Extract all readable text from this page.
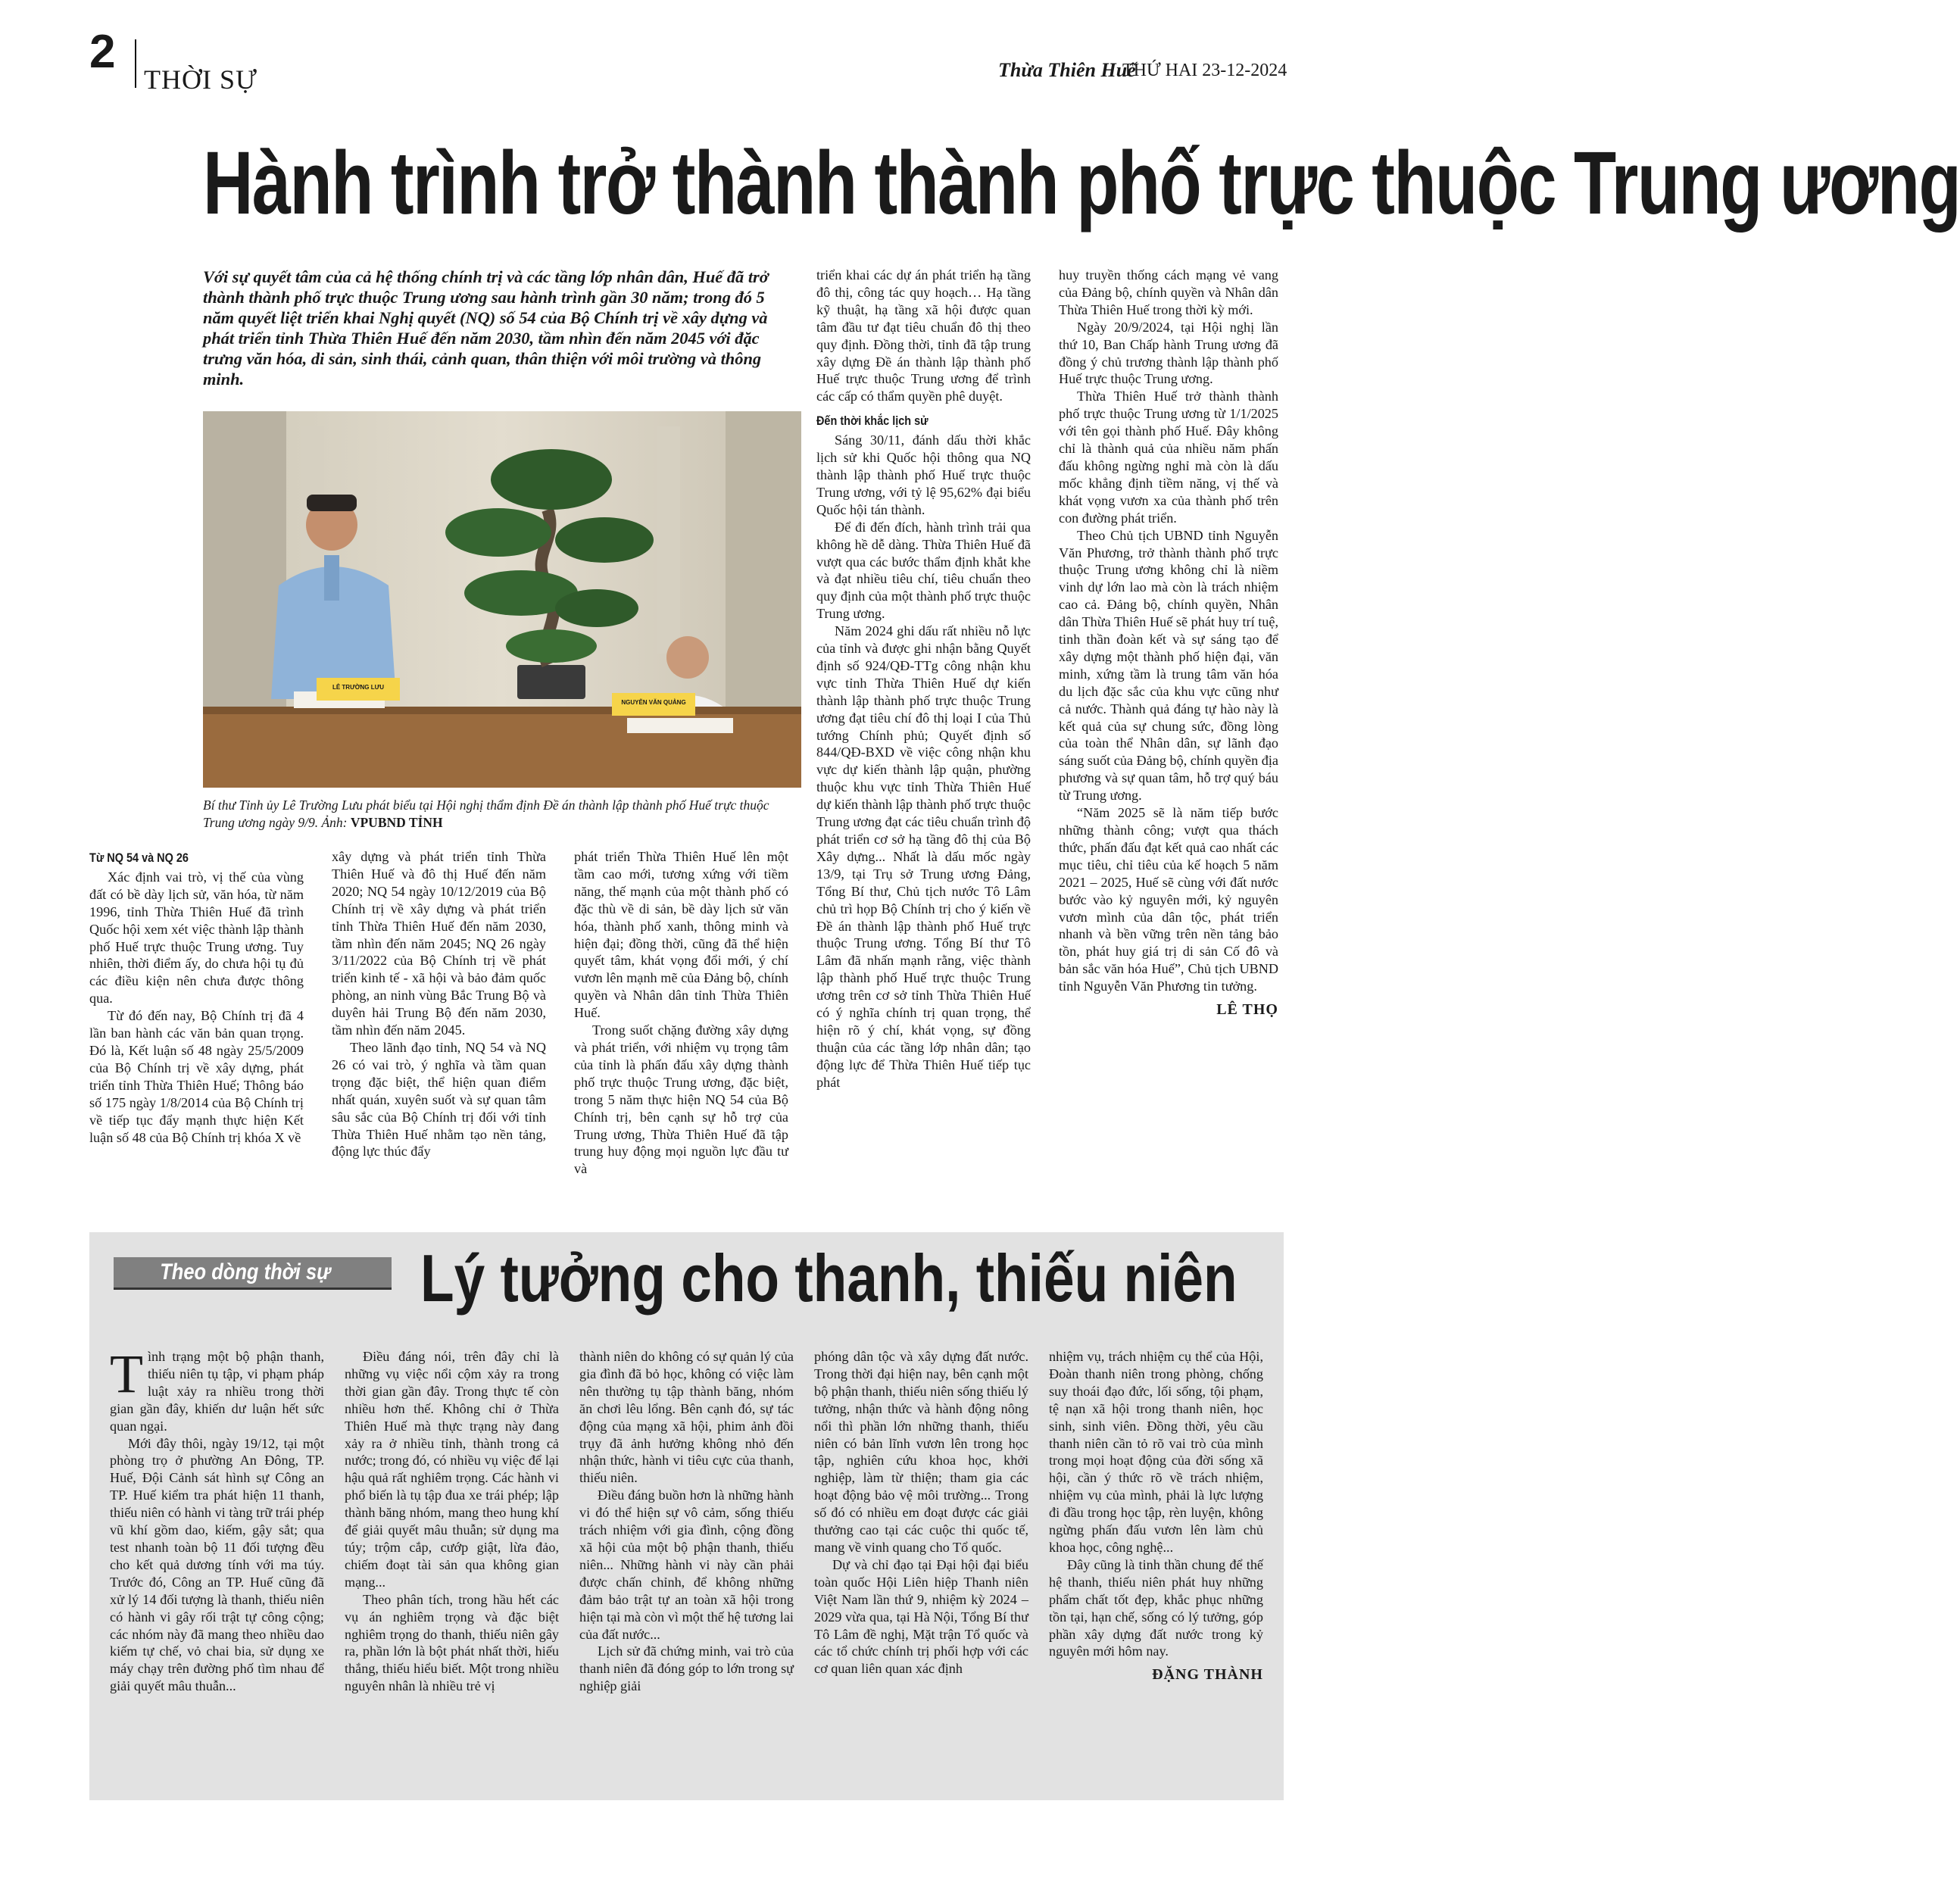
2
THỜI SỰ	Thừa Thiên Huế
THỨ HAI 23-12-2024
Hành trình trở thành thành phố trực thuộc Trung ương
Với sự quyết tâm của cả hệ thống chính trị và các tầng lớp nhân dân, Huế đã trở thành thành phố trực thuộc Trung ương sau hành trình gần 30 năm; trong đó 5 năm quyết liệt triển khai Nghị quyết (NQ) số 54 của Bộ Chính trị về xây dựng và phát triển tỉnh Thừa Thiên Huế đến năm 2030, tầm nhìn đến năm 2045 với đặc trưng văn hóa, di sản, sinh thái, cảnh quan, thân thiện với môi trường và thông minh.
LÊ TRƯỜNG LƯU
NGUYỄN VĂN QUẢNG
Bí thư Tỉnh ủy Lê Trường Lưu phát biểu tại Hội nghị thẩm định Đề án thành lập thành phố Huế trực thuộc Trung ương ngày 9/9. Ảnh: VPUBND TỈNH
Từ NQ 54 và NQ 26

Xác định vai trò, vị thế của vùng đất có bề dày lịch sử, văn hóa, từ năm 1996, tỉnh Thừa Thiên Huế đã trình Quốc hội xem xét việc thành lập thành phố Huế trực thuộc Trung ương. Tuy nhiên, thời điểm ấy, do chưa hội tụ đủ các điều kiện nên chưa được thông qua.

Từ đó đến nay, Bộ Chính trị đã 4 lần ban hành các văn bản quan trọng. Đó là, Kết luận số 48 ngày 25/5/2009 của Bộ Chính trị về xây dựng, phát triển tỉnh Thừa Thiên Huế; Thông báo số 175 ngày 1/8/2014 của Bộ Chính trị về tiếp tục đẩy mạnh thực hiện Kết luận số 48 của Bộ Chính trị khóa X về

xây dựng và phát triển tỉnh Thừa Thiên Huế và đô thị Huế đến năm 2020; NQ 54 ngày 10/12/2019 của Bộ Chính trị về xây dựng và phát triển tỉnh Thừa Thiên Huế đến năm 2030, tầm nhìn đến năm 2045; NQ 26 ngày 3/11/2022 của Bộ Chính trị về phát triển kinh tế - xã hội và bảo đảm quốc phòng, an ninh vùng Bắc Trung Bộ và duyên hải Trung Bộ đến năm 2030, tầm nhìn đến năm 2045.

Theo lãnh đạo tỉnh, NQ 54 và NQ 26 có vai trò, ý nghĩa và tầm quan trọng đặc biệt, thể hiện quan điểm nhất quán, xuyên suốt và sự quan tâm sâu sắc của Bộ Chính trị đối với tỉnh Thừa Thiên Huế nhằm tạo nền tảng, động lực thúc đẩy

phát triển Thừa Thiên Huế lên một tầm cao mới, tương xứng với tiềm năng, thế mạnh của một thành phố có đặc thù về di sản, bề dày lịch sử văn hóa, thành phố xanh, thông minh và hiện đại; đồng thời, cũng đã thể hiện quyết tâm, khát vọng đổi mới, ý chí vươn lên mạnh mẽ của Đảng bộ, chính quyền và Nhân dân tỉnh Thừa Thiên Huế.

Trong suốt chặng đường xây dựng và phát triển, với nhiệm vụ trọng tâm của tỉnh là phấn đấu xây dựng thành phố trực thuộc Trung ương, đặc biệt, trong 5 năm thực hiện NQ 54 của Bộ Chính trị, bên cạnh sự hỗ trợ của Trung ương, Thừa Thiên Huế đã tập trung huy động mọi nguồn lực đầu tư và

triển khai các dự án phát triển hạ tầng đô thị, công tác quy hoạch… Hạ tầng kỹ thuật, hạ tầng xã hội được quan tâm đầu tư đạt tiêu chuẩn đô thị theo quy định. Đồng thời, tỉnh đã tập trung xây dựng Đề án thành lập thành phố Huế trực thuộc Trung ương để trình các cấp có thẩm quyền phê duyệt.

Đến thời khắc lịch sử

Sáng 30/11, đánh dấu thời khắc lịch sử khi Quốc hội thông qua NQ thành lập thành phố Huế trực thuộc Trung ương, với tỷ lệ 95,62% đại biểu Quốc hội tán thành.

Để đi đến đích, hành trình trải qua không hề dễ dàng. Thừa Thiên Huế đã vượt qua các bước thẩm định khắt khe và đạt nhiều tiêu chí, tiêu chuẩn theo quy định của một thành phố trực thuộc Trung ương.

Năm 2024 ghi dấu rất nhiều nỗ lực của tỉnh và được ghi nhận bằng Quyết định số 924/QĐ-TTg công nhận khu vực tỉnh Thừa Thiên Huế dự kiến thành lập thành phố trực thuộc Trung ương đạt tiêu chí đô thị loại I của Thủ tướng Chính phủ; Quyết định số 844/QĐ-BXD về việc công nhận khu vực dự kiến thành lập quận, phường thuộc khu vực tỉnh Thừa Thiên Huế dự kiến thành lập thành phố trực thuộc Trung ương đạt các tiêu chuẩn trình độ phát triển cơ sở hạ tầng đô thị của Bộ Xây dựng... Nhất là dấu mốc ngày 13/9, tại Trụ sở Trung ương Đảng, Tổng Bí thư, Chủ tịch nước Tô Lâm chủ trì họp Bộ Chính trị cho ý kiến về Đề án thành lập thành phố Huế trực thuộc Trung ương. Tổng Bí thư Tô Lâm đã nhấn mạnh rằng, việc thành lập thành phố Huế trực thuộc Trung ương trên cơ sở tỉnh Thừa Thiên Huế có ý nghĩa chính trị quan trọng, thể hiện rõ ý chí, khát vọng, sự đồng thuận của các tầng lớp nhân dân; tạo động lực để Thừa Thiên Huế tiếp tục phát

huy truyền thống cách mạng vẻ vang của Đảng bộ, chính quyền và Nhân dân Thừa Thiên Huế trong thời kỳ mới.

Ngày 20/9/2024, tại Hội nghị lần thứ 10, Ban Chấp hành Trung ương đã đồng ý chủ trương thành lập thành phố Huế trực thuộc Trung ương.

Thừa Thiên Huế trở thành thành phố trực thuộc Trung ương từ 1/1/2025 với tên gọi thành phố Huế. Đây không chỉ là thành quả của nhiều năm phấn đấu không ngừng nghỉ mà còn là dấu mốc khẳng định tiềm năng, vị thế và khát vọng vươn xa của thành phố trên con đường phát triển.

Theo Chủ tịch UBND tỉnh Nguyễn Văn Phương, trở thành thành phố trực thuộc Trung ương không chỉ là niềm vinh dự lớn lao mà còn là trách nhiệm cao cả. Đảng bộ, chính quyền, Nhân dân Thừa Thiên Huế sẽ phát huy trí tuệ, tinh thần đoàn kết và sự sáng tạo để xây dựng một thành phố hiện đại, văn minh, xứng tầm là trung tâm văn hóa du lịch đặc sắc của khu vực cũng như cả nước. Thành quả đáng tự hào này là kết quả của sự chung sức, đồng lòng của toàn thể Nhân dân, sự lãnh đạo sáng suốt của Đảng bộ, chính quyền địa phương và sự quan tâm, hỗ trợ quý báu từ Trung ương.

“Năm 2025 sẽ là năm tiếp bước những thành công; vượt qua thách thức, phấn đấu đạt kết quả cao nhất các mục tiêu, chỉ tiêu của kế hoạch 5 năm 2021 – 2025, Huế sẽ cùng với đất nước bước vào kỷ nguyên mới, kỷ nguyên vươn mình của dân tộc, phát triển nhanh và bền vững trên nền tảng bảo tồn, phát huy giá trị di sản Cố đô và bản sắc văn hóa Huế”, Chủ tịch UBND tỉnh Nguyễn Văn Phương tin tưởng.

LÊ THỌ

Theo dòng thời sự Lý tưởng cho thanh, thiếu niên

Tình trạng một bộ phận thanh, thiếu niên tụ tập, vi phạm pháp luật xảy ra nhiều trong thời gian gần đây, khiến dư luận hết sức quan ngại.

Mới đây thôi, ngày 19/12, tại một phòng trọ ở phường An Đông, TP. Huế, Đội Cảnh sát hình sự Công an TP. Huế kiểm tra phát hiện 11 thanh, thiếu niên có hành vi tàng trữ trái phép vũ khí gồm dao, kiếm, gậy sắt; qua test nhanh toàn bộ 11 đối tượng đều cho kết quả dương tính với ma túy. Trước đó, Công an TP. Huế cũng đã xử lý 14 đối tượng là thanh, thiếu niên có hành vi gây rối trật tự công cộng; các nhóm này đã mang theo nhiều dao kiếm tự chế, vỏ chai bia, sử dụng xe máy chạy trên đường phố tìm nhau để giải quyết mâu thuẫn...

Điều đáng nói, trên đây chỉ là những vụ việc nổi cộm xảy ra trong thời gian gần đây. Trong thực tế còn nhiều hơn thế. Không chỉ ở Thừa Thiên Huế mà thực trạng này đang xảy ra ở nhiều tỉnh, thành trong cả nước; trong đó, có nhiều vụ việc để lại hậu quả rất nghiêm trọng. Các hành vi phổ biến là tụ tập đua xe trái phép; lập thành băng nhóm, mang theo hung khí để giải quyết mâu thuẫn; sử dụng ma túy; trộm cắp, cướp giật, lừa đảo, chiếm đoạt tài sản qua không gian mạng...

Theo phân tích, trong hầu hết các vụ án nghiêm trọng và đặc biệt nghiêm trọng do thanh, thiếu niên gây ra, phần lớn là bột phát nhất thời, hiếu thắng, thiếu hiểu biết. Một trong nhiều nguyên nhân là nhiều trẻ vị

thành niên do không có sự quản lý của gia đình đã bỏ học, không có việc làm nên thường tụ tập thành băng, nhóm ăn chơi lêu lổng. Bên cạnh đó, sự tác động của mạng xã hội, phim ảnh đồi trụy đã ảnh hưởng không nhỏ đến nhận thức, hành vi tiêu cực của thanh, thiếu niên.

Điều đáng buồn hơn là những hành vi đó thể hiện sự vô cảm, sống thiếu trách nhiệm với gia đình, cộng đồng xã hội của một bộ phận thanh, thiếu niên... Những hành vi này cần phải được chấn chỉnh, để không những đảm bảo trật tự an toàn xã hội trong hiện tại mà còn vì một thế hệ tương lai của đất nước...

Lịch sử đã chứng minh, vai trò của thanh niên đã đóng góp to lớn trong sự nghiệp giải

phóng dân tộc và xây dựng đất nước. Trong thời đại hiện nay, bên cạnh một bộ phận thanh, thiếu niên sống thiếu lý tưởng, nhận thức và hành động nông nổi thì phần lớn những thanh, thiếu niên có bản lĩnh vươn lên trong học tập, nghiên cứu khoa học, khởi nghiệp, làm từ thiện; tham gia các hoạt động bảo vệ môi trường... Trong số đó có nhiều em đoạt được các giải thưởng cao tại các cuộc thi quốc tế, mang về vinh quang cho Tổ quốc.

Dự và chỉ đạo tại Đại hội đại biểu toàn quốc Hội Liên hiệp Thanh niên Việt Nam lần thứ 9, nhiệm kỳ 2024 – 2029 vừa qua, tại Hà Nội, Tổng Bí thư Tô Lâm đề nghị, Mặt trận Tổ quốc và các tổ chức chính trị phối hợp với các cơ quan liên quan xác định

nhiệm vụ, trách nhiệm cụ thể của Hội, Đoàn thanh niên trong phòng, chống suy thoái đạo đức, lối sống, tội phạm, tệ nạn xã hội trong thanh niên, học sinh, sinh viên. Đồng thời, yêu cầu thanh niên cần tỏ rõ vai trò của mình trong mọi hoạt động của đời sống xã hội, cần ý thức rõ về trách nhiệm, nhiệm vụ của mình, phải là lực lượng đi đầu trong học tập, rèn luyện, không ngừng phấn đấu vươn lên làm chủ khoa học, công nghệ...

Đây cũng là tinh thần chung để thế hệ thanh, thiếu niên phát huy những phẩm chất tốt đẹp, khắc phục những tồn tại, hạn chế, sống có lý tưởng, góp phần xây dựng đất nước trong kỷ nguyên mới hôm nay.

ĐẶNG THÀNH
